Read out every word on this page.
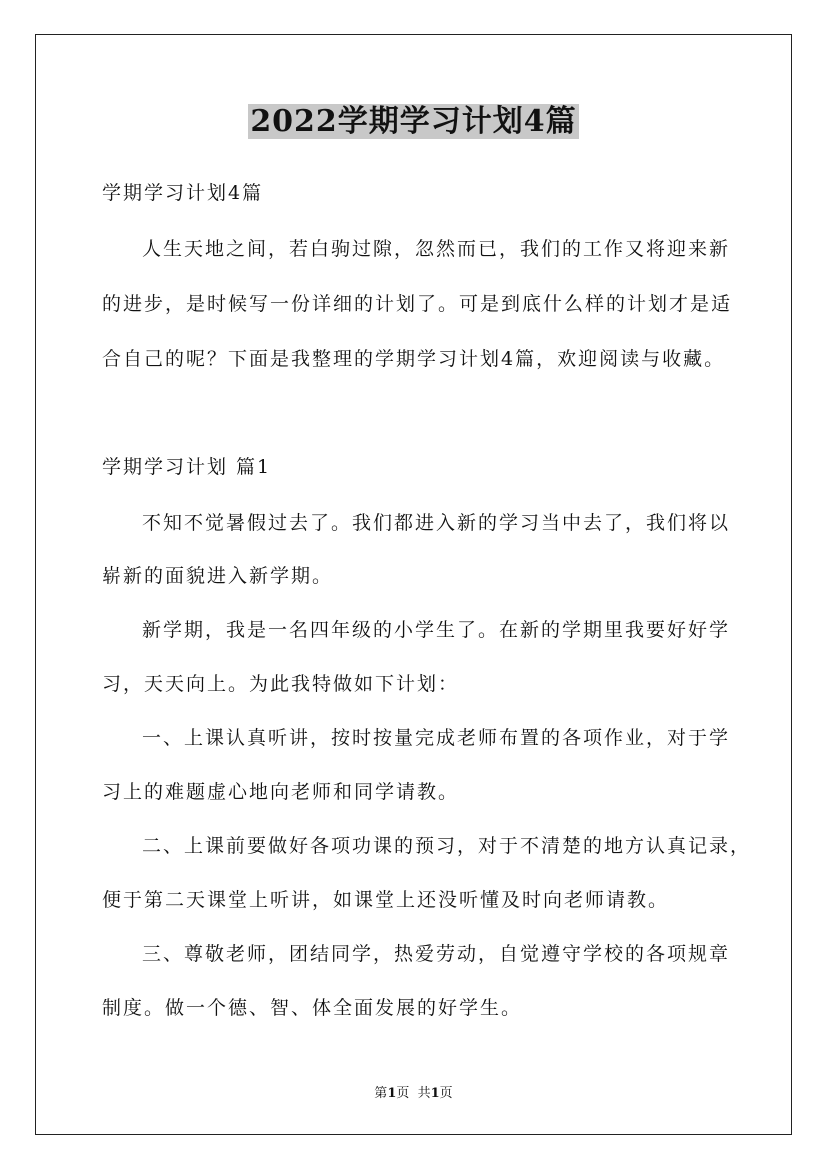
2022学期学习计划4篇
学期学习计划4篇
人生天地之间，若白驹过隙，忽然而已，我们的工作又将迎来新
的进步，是时候写一份详细的计划了。可是到底什么样的计划才是适
合自己的呢？下面是我整理的学期学习计划4篇，欢迎阅读与收藏。
学期学习计划 篇1
不知不觉暑假过去了。我们都进入新的学习当中去了，我们将以
崭新的面貌进入新学期。
新学期，我是一名四年级的小学生了。在新的学期里我要好好学
习，天天向上。为此我特做如下计划：
一、上课认真听讲，按时按量完成老师布置的各项作业，对于学
习上的难题虚心地向老师和同学请教。
二、上课前要做好各项功课的预习，对于不清楚的地方认真记录，
便于第二天课堂上听讲，如课堂上还没听懂及时向老师请教。
三、尊敬老师，团结同学，热爱劳动，自觉遵守学校的各项规章
制度。做一个德、智、体全面发展的好学生。
第1页  共1页
